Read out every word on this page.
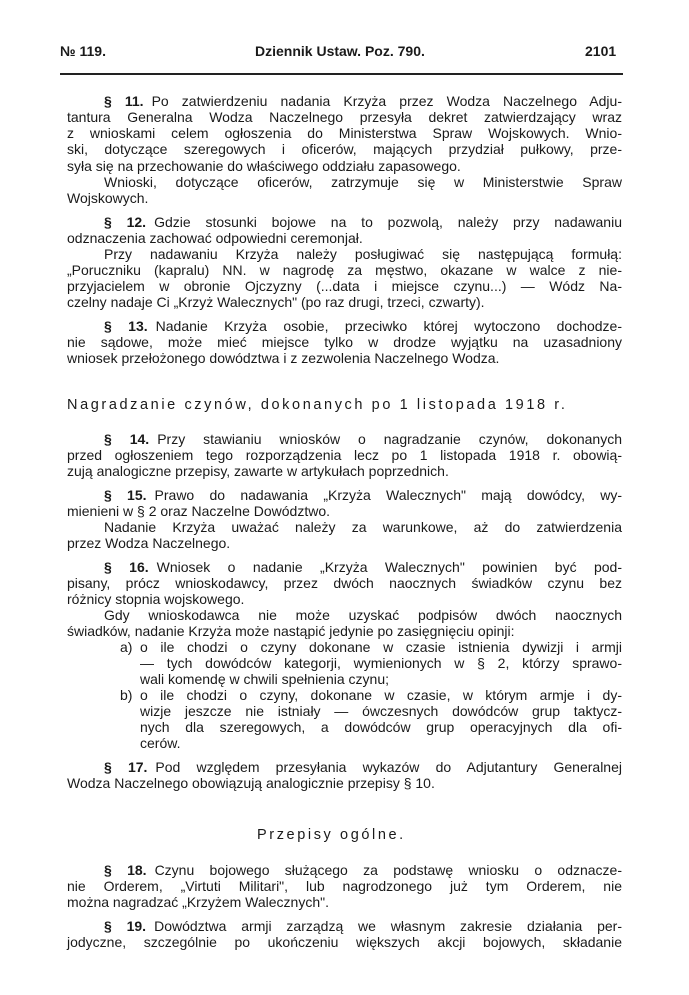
№ 119.	Dziennik Ustaw. Poz. 790.	2101
§ 11. Po zatwierdzeniu nadania Krzyża przez Wodza Naczelnego Adju-
tantura Generalna Wodza Naczelnego przesyła dekret zatwierdzający wraz
z wnioskami celem ogłoszenia do Ministerstwa Spraw Wojskowych. Wnio-
ski, dotyczące szeregowych i oficerów, mających przydział pułkowy, prze-
syła się na przechowanie do właściwego oddziału zapasowego.
Wnioski, dotyczące oficerów, zatrzymuje się w Ministerstwie Spraw
Wojskowych.
§ 12. Gdzie stosunki bojowe na to pozwolą, należy przy nadawaniu
odznaczenia zachować odpowiedni ceremonjał.
Przy nadawaniu Krzyża należy posługiwać się następującą formułą:
„Poruczniku (kapralu) NN. w nagrodę za męstwo, okazane w walce z nie-
przyjacielem w obronie Ojczyzny (...data i miejsce czynu...) — Wódz Na-
czelny nadaje Ci „Krzyż Walecznych" (po raz drugi, trzeci, czwarty).
§ 13. Nadanie Krzyża osobie, przeciwko której wytoczono dochodze-
nie sądowe, może mieć miejsce tylko w drodze wyjątku na uzasadniony
wniosek przełożonego dowództwa i z zezwolenia Naczelnego Wodza.
Nagradzanie czynów, dokonanych po 1 listopada 1918 r.
§ 14. Przy stawianiu wniosków o nagradzanie czynów, dokonanych
przed ogłoszeniem tego rozporządzenia lecz po 1 listopada 1918 r. obowią-
zują analogiczne przepisy, zawarte w artykułach poprzednich.
§ 15. Prawo do nadawania „Krzyża Walecznych" mają dowódcy, wy-
mienieni w § 2 oraz Naczelne Dowództwo.
Nadanie Krzyża uważać należy za warunkowe, aż do zatwierdzenia
przez Wodza Naczelnego.
§ 16. Wniosek o nadanie „Krzyża Walecznych" powinien być pod-
pisany, prócz wnioskodawcy, przez dwóch naocznych świadków czynu bez
różnicy stopnia wojskowego.
Gdy wnioskodawca nie może uzyskać podpisów dwóch naocznych
świadków, nadanie Krzyża może nastąpić jedynie po zasięgnięciu opinji:
a) o ile chodzi o czyny dokonane w czasie istnienia dywizji i armji
— tych dowódców kategorji, wymienionych w § 2, którzy sprawo-
wali komendę w chwili spełnienia czynu;
b) o ile chodzi o czyny, dokonane w czasie, w którym armje i dy-
wizje jeszcze nie istniały — ówczesnych dowódców grup taktycz-
nych dla szeregowych, a dowódców grup operacyjnych dla ofi-
cerów.
§ 17. Pod względem przesyłania wykazów do Adjutantury Generalnej
Wodza Naczelnego obowiązują analogicznie przepisy § 10.
Przepisy ogólne.
§ 18. Czynu bojowego służącego za podstawę wniosku o odznacze-
nie Orderem, „Virtuti Militari", lub nagrodzonego już tym Orderem, nie
można nagradzać „Krzyżem Walecznych".
§ 19. Dowództwa armji zarządzą we własnym zakresie działania per-
jodyczne, szczególnie po ukończeniu większych akcji bojowych, składanie
